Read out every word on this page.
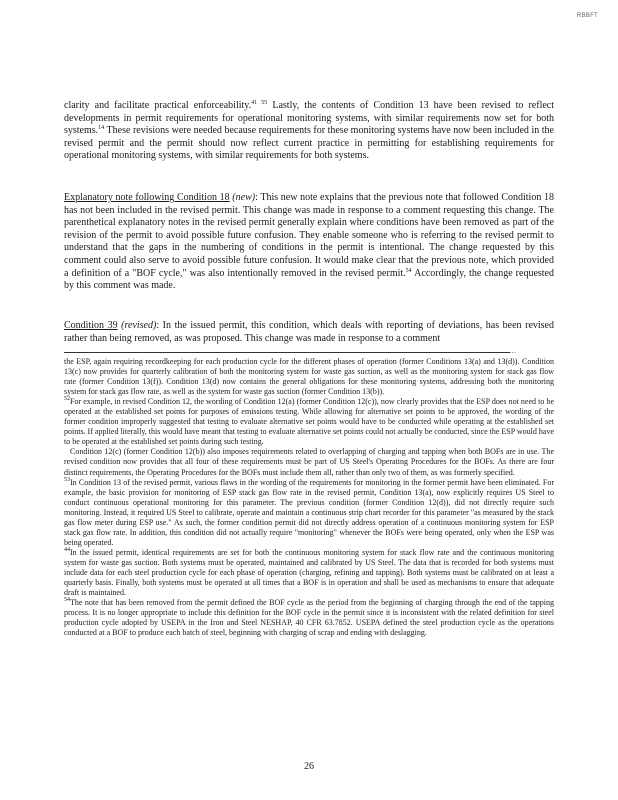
RBBFT

clarity and facilitate practical enforceability.$^{41 55}$ Lastly, the contents of Condition 13 have been revised to reflect developments in permit requirements for operational monitoring systems, with similar requirements now set for both systems.$^{14}$ These revisions were needed because requirements for these monitoring systems have now been included in the revised permit and the permit should now reflect current practice in permitting for establishing requirements for operational monitoring systems, with similar requirements for both systems.

Explanatory note following Condition 18 (new): This new note explains that the previous note that followed Condition 18 has not been included in the revised permit. This change was made in response to a comment requesting this change. The parenthetical explanatory notes in the revised permit generally explain where conditions have been removed as part of the revision of the permit to avoid possible future confusion. They enable someone who is referring to the revised permit to understand that the gaps in the numbering of conditions in the permit is intentional. The change requested by this comment could also serve to avoid possible future confusion. It would make clear that the previous note, which provided a definition of a "BOF cycle," was also intentionally removed in the revised permit.$^{54}$ Accordingly, the change requested by this comment was made.

Condition 39 (revised): In the issued permit, this condition, which deals with reporting of deviations, has been revised rather than being removed, as was proposed. This change was made in response to a comment

.....

the ESP, again requiring recordkeeping for each production cycle for the different phases of operation (former Conditions 13(a) and 13(d)). Condition 13(c) now provides for quarterly calibration of both the monitoring system for waste gas suction, as well as the monitoring system for stack gas flow rate (former Condition 13(f)). Condition 13(d) now contains the general obligations for these monitoring systems, addressing both the monitoring system for stack gas flow rate, as well as the system for waste gas suction (former Condition 13(b)).

$^{52}$For example, in revised Condition 12, the wording of Condition 12(a) (former Condition 12(c)), now clearly provides that the ESP does not need to be operated at the established set points for purposes of emissions testing. While allowing for alternative set points to be approved, the wording of the former condition improperly suggested that testing to evaluate alternative set points would have to be conducted while operating at the established set points. If applied literally, this would have meant that testing to evaluate alternative set points could not actually be conducted, since the ESP would have to be operated at the established set points during such testing.

Condition 12(c) (former Condition 12(b)) also imposes requirements related to overlapping of charging and tapping when both BOFs are in use. The revised condition now provides that all four of these requirements must be part of US Steel's Operating Procedures for the BOFs. As there are four distinct requirements, the Operating Procedures for the BOFs must include them all, rather than only two of them, as was formerly specified.

$^{53}$In Condition 13 of the revised permit, various flaws in the wording of the requirements for monitoring in the former permit have been eliminated. For example, the basic provision for monitoring of ESP stack gas flow rate in the revised permit, Condition 13(a), now explicitly requires US Steel to conduct continuous operational monitoring for this parameter. The previous condition (former Condition 12(d)), did not directly require such monitoring. Instead, it required US Steel to calibrate, operate and maintain a continuous strip chart recorder for this parameter "as measured by the stack gas flow meter during ESP use." As such, the former condition permit did not directly address operation of a continuous monitoring system for ESP stack gas flow rate. In addition, this condition did not actually require "monitoring" whenever the BOFs were being operated, only when the ESP was being operated.

$^{44}$In the issued permit, identical requirements are set for both the continuous monitoring system for stack flow rate and the continuous monitoring system for waste gas suction. Both systems must be operated, maintained and calibrated by US Steel. The data that is recorded for both systems must include data for each steel production cycle for each phase of operation (charging, refining and tapping). Both systems must be calibrated on at least a quarterly basis. Finally, both systems must be operated at all times that a BOF is in operation and shall be used as mechanisms to ensure that adequate draft is maintained.

$^{54}$The note that has been removed from the permit defined the BOF cycle as the period from the beginning of charging through the end of the tapping process. It is no longer appropriate to include this definition for the BOF cycle in the permit since it is inconsistent with the related definition for steel production cycle adopted by USEPA in the Iron and Steel NESHAP, 40 CFR 63.7852. USEPA defined the steel production cycle as the operations conducted at a BOF to produce each batch of steel, beginning with charging of scrap and ending with deslagging.

26
